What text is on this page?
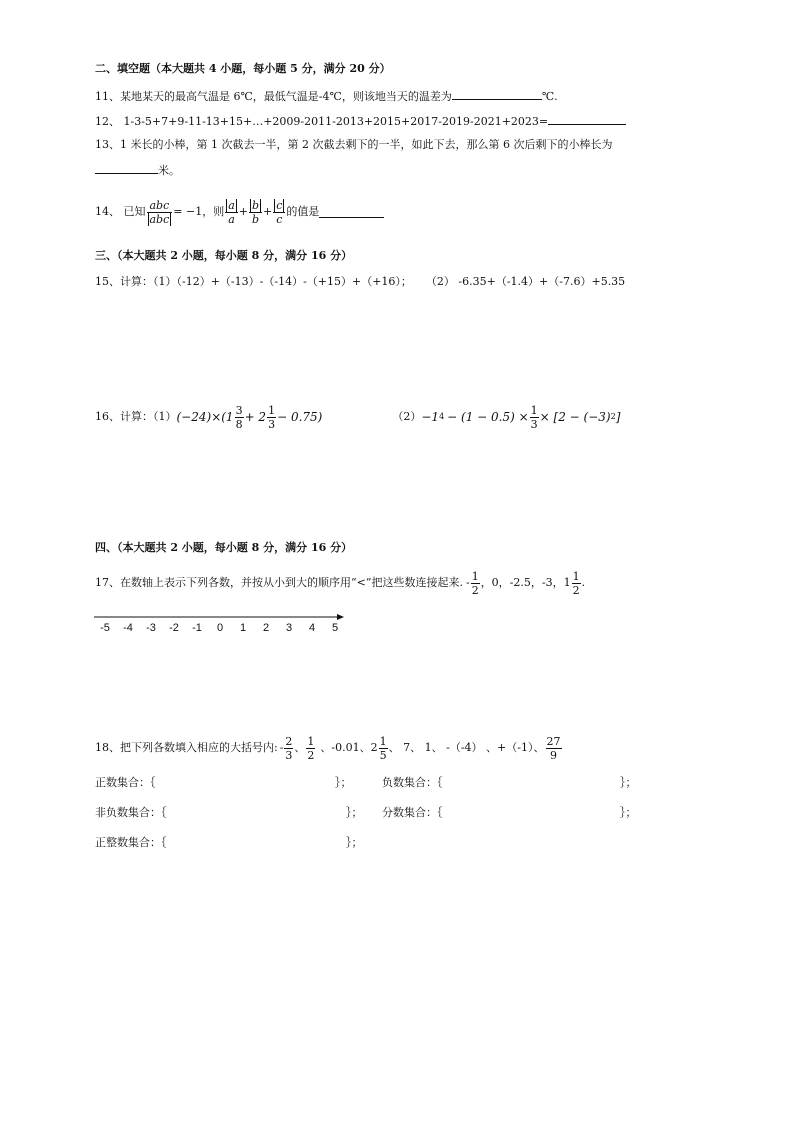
二、填空题（本大题共 4 小题，每小题 5 分，满分 20 分）
11、某地某天的最高气温是 6℃，最低气温是-4℃，则该地当天的温差为	℃.
12、 1-3-5+7+9-11-13+15+…+2009-2011-2013+2015+2017-2019-2021+2023=
13、1 米长的小棒，第 1 次截去一半，第 2 次截去剩下的一半，如此下去，那么第 6 次后剩下的小棒长为
米。
14、 已知 $\frac{\text{abc}}{\text{abc}} = -1$，则 $\frac{a}{a} + \frac{b}{b} + \frac{c}{c}$ 的值是
三、（本大题共 2 小题，每小题 8 分，满分 16 分）
15、计算：（1）（-12）+（-13）-（-14）-（+15）+（+16）；    （2） -6.35+（-1.4）+（-7.6）+5.35
16、计算：（1） $(-24)\times(1 \frac{3}{8} + 2 \frac{1}{3} - 0.75)$	（2） −1 $4 - (1 - 0.5) \times \frac{1}{3} \times [2 - (-3)$ 2 ]
四、（本大题共 2 小题，每小题 8 分，满分 16 分）
17、在数轴上表示下列各数，并按从小到大的顺序用“<”把这些数连接起来. - $\frac{1}{2}$ ，0，-2.5，-3，$1 \frac{1}{2}$ .
-5 -4 -3 -2 -1 0 1 2 3 4 5
18、把下列各数填入相应的大括号内: - $\frac{2}{3}$ 、 $\frac{1}{2}$ 、-0.01、$2 \frac{1}{5}$ 、 7、 1、 -（-4） 、+（-1）、 $\frac{27}{9}$
正数集合：｛	｝；	负数集合：｛	｝；
非负数集合：｛	｝； 分数集合：｛	｝；
正整数集合：｛	｝；
